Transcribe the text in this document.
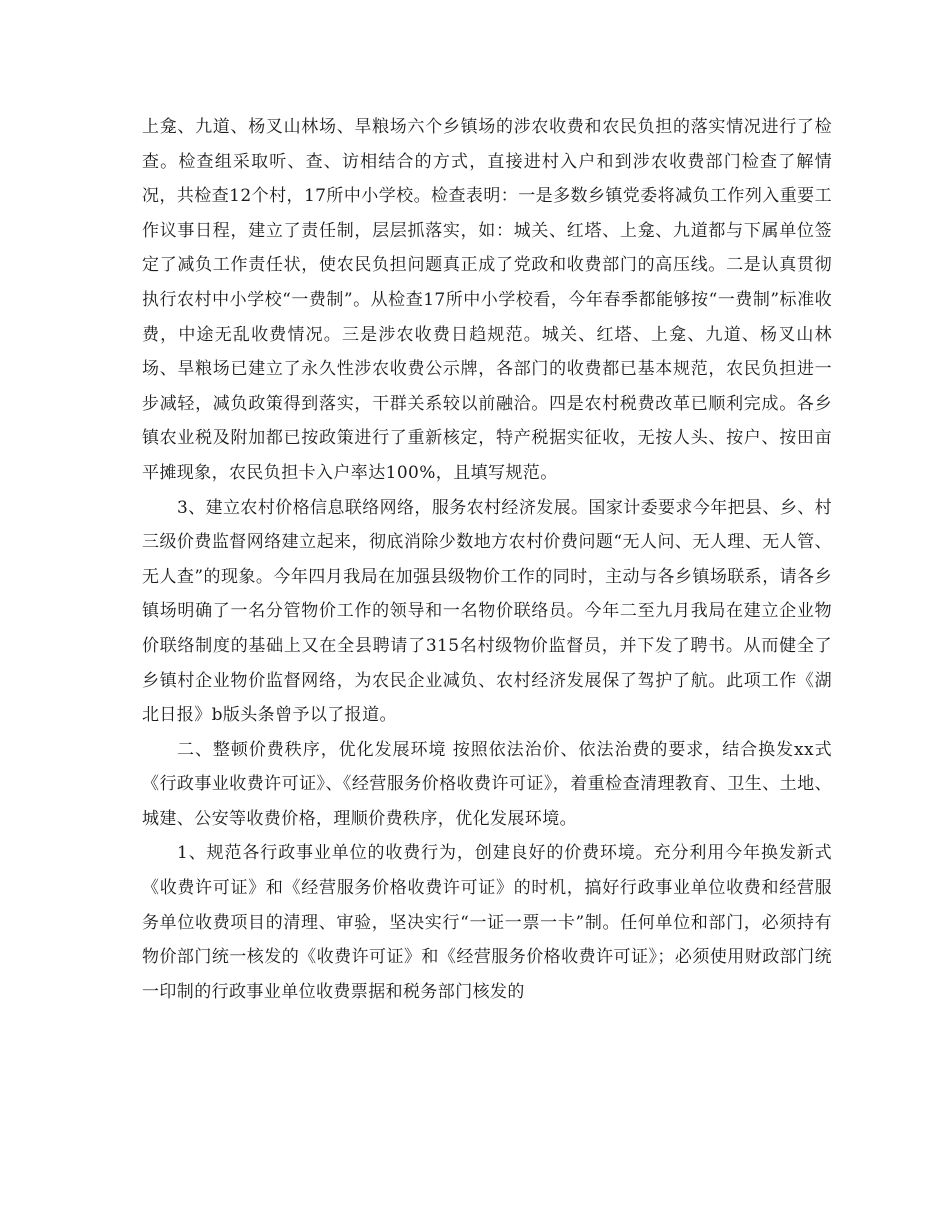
上龛、九道、杨叉山林场、旱粮场六个乡镇场的涉农收费和农民负担的落实情况进行了检查。检查组采取听、查、访相结合的方式，直接进村入户和到涉农收费部门检查了解情况，共检查12个村，17所中小学校。检查表明：一是多数乡镇党委将减负工作列入重要工作议事日程，建立了责任制，层层抓落实，如：城关、红塔、上龛、九道都与下属单位签定了减负工作责任状，使农民负担问题真正成了党政和收费部门的高压线。二是认真贯彻执行农村中小学校“一费制”。从检查17所中小学校看，今年春季都能够按“一费制”标准收费，中途无乱收费情况。三是涉农收费日趋规范。城关、红塔、上龛、九道、杨叉山林场、旱粮场已建立了永久性涉农收费公示牌，各部门的收费都已基本规范，农民负担进一步减轻，减负政策得到落实，干群关系较以前融洽。四是农村税费改革已顺利完成。各乡镇农业税及附加都已按政策进行了重新核定，特产税据实征收，无按人头、按户、按田亩平摊现象，农民负担卡入户率达100%，且填写规范。

3、建立农村价格信息联络网络，服务农村经济发展。国家计委要求今年把县、乡、村三级价费监督网络建立起来，彻底消除少数地方农村价费问题“无人问、无人理、无人管、无人查”的现象。今年四月我局在加强县级物价工作的同时，主动与各乡镇场联系，请各乡镇场明确了一名分管物价工作的领导和一名物价联络员。今年二至九月我局在建立企业物价联络制度的基础上又在全县聘请了315名村级物价监督员，并下发了聘书。从而健全了乡镇村企业物价监督网络，为农民企业减负、农村经济发展保了驾护了航。此项工作《湖北日报》b版头条曾予以了报道。

二、整顿价费秩序，优化发展环境 按照依法治价、依法治费的要求，结合换发xx式《行政事业收费许可证》、《经营服务价格收费许可证》，着重检查清理教育、卫生、土地、城建、公安等收费价格，理顺价费秩序，优化发展环境。

1、规范各行政事业单位的收费行为，创建良好的价费环境。充分利用今年换发新式《收费许可证》和《经营服务价格收费许可证》的时机，搞好行政事业单位收费和经营服务单位收费项目的清理、审验，坚决实行“一证一票一卡”制。任何单位和部门，必须持有物价部门统一核发的《收费许可证》和《经营服务价格收费许可证》；必须使用财政部门统一印制的行政事业单位收费票据和税务部门核发的
